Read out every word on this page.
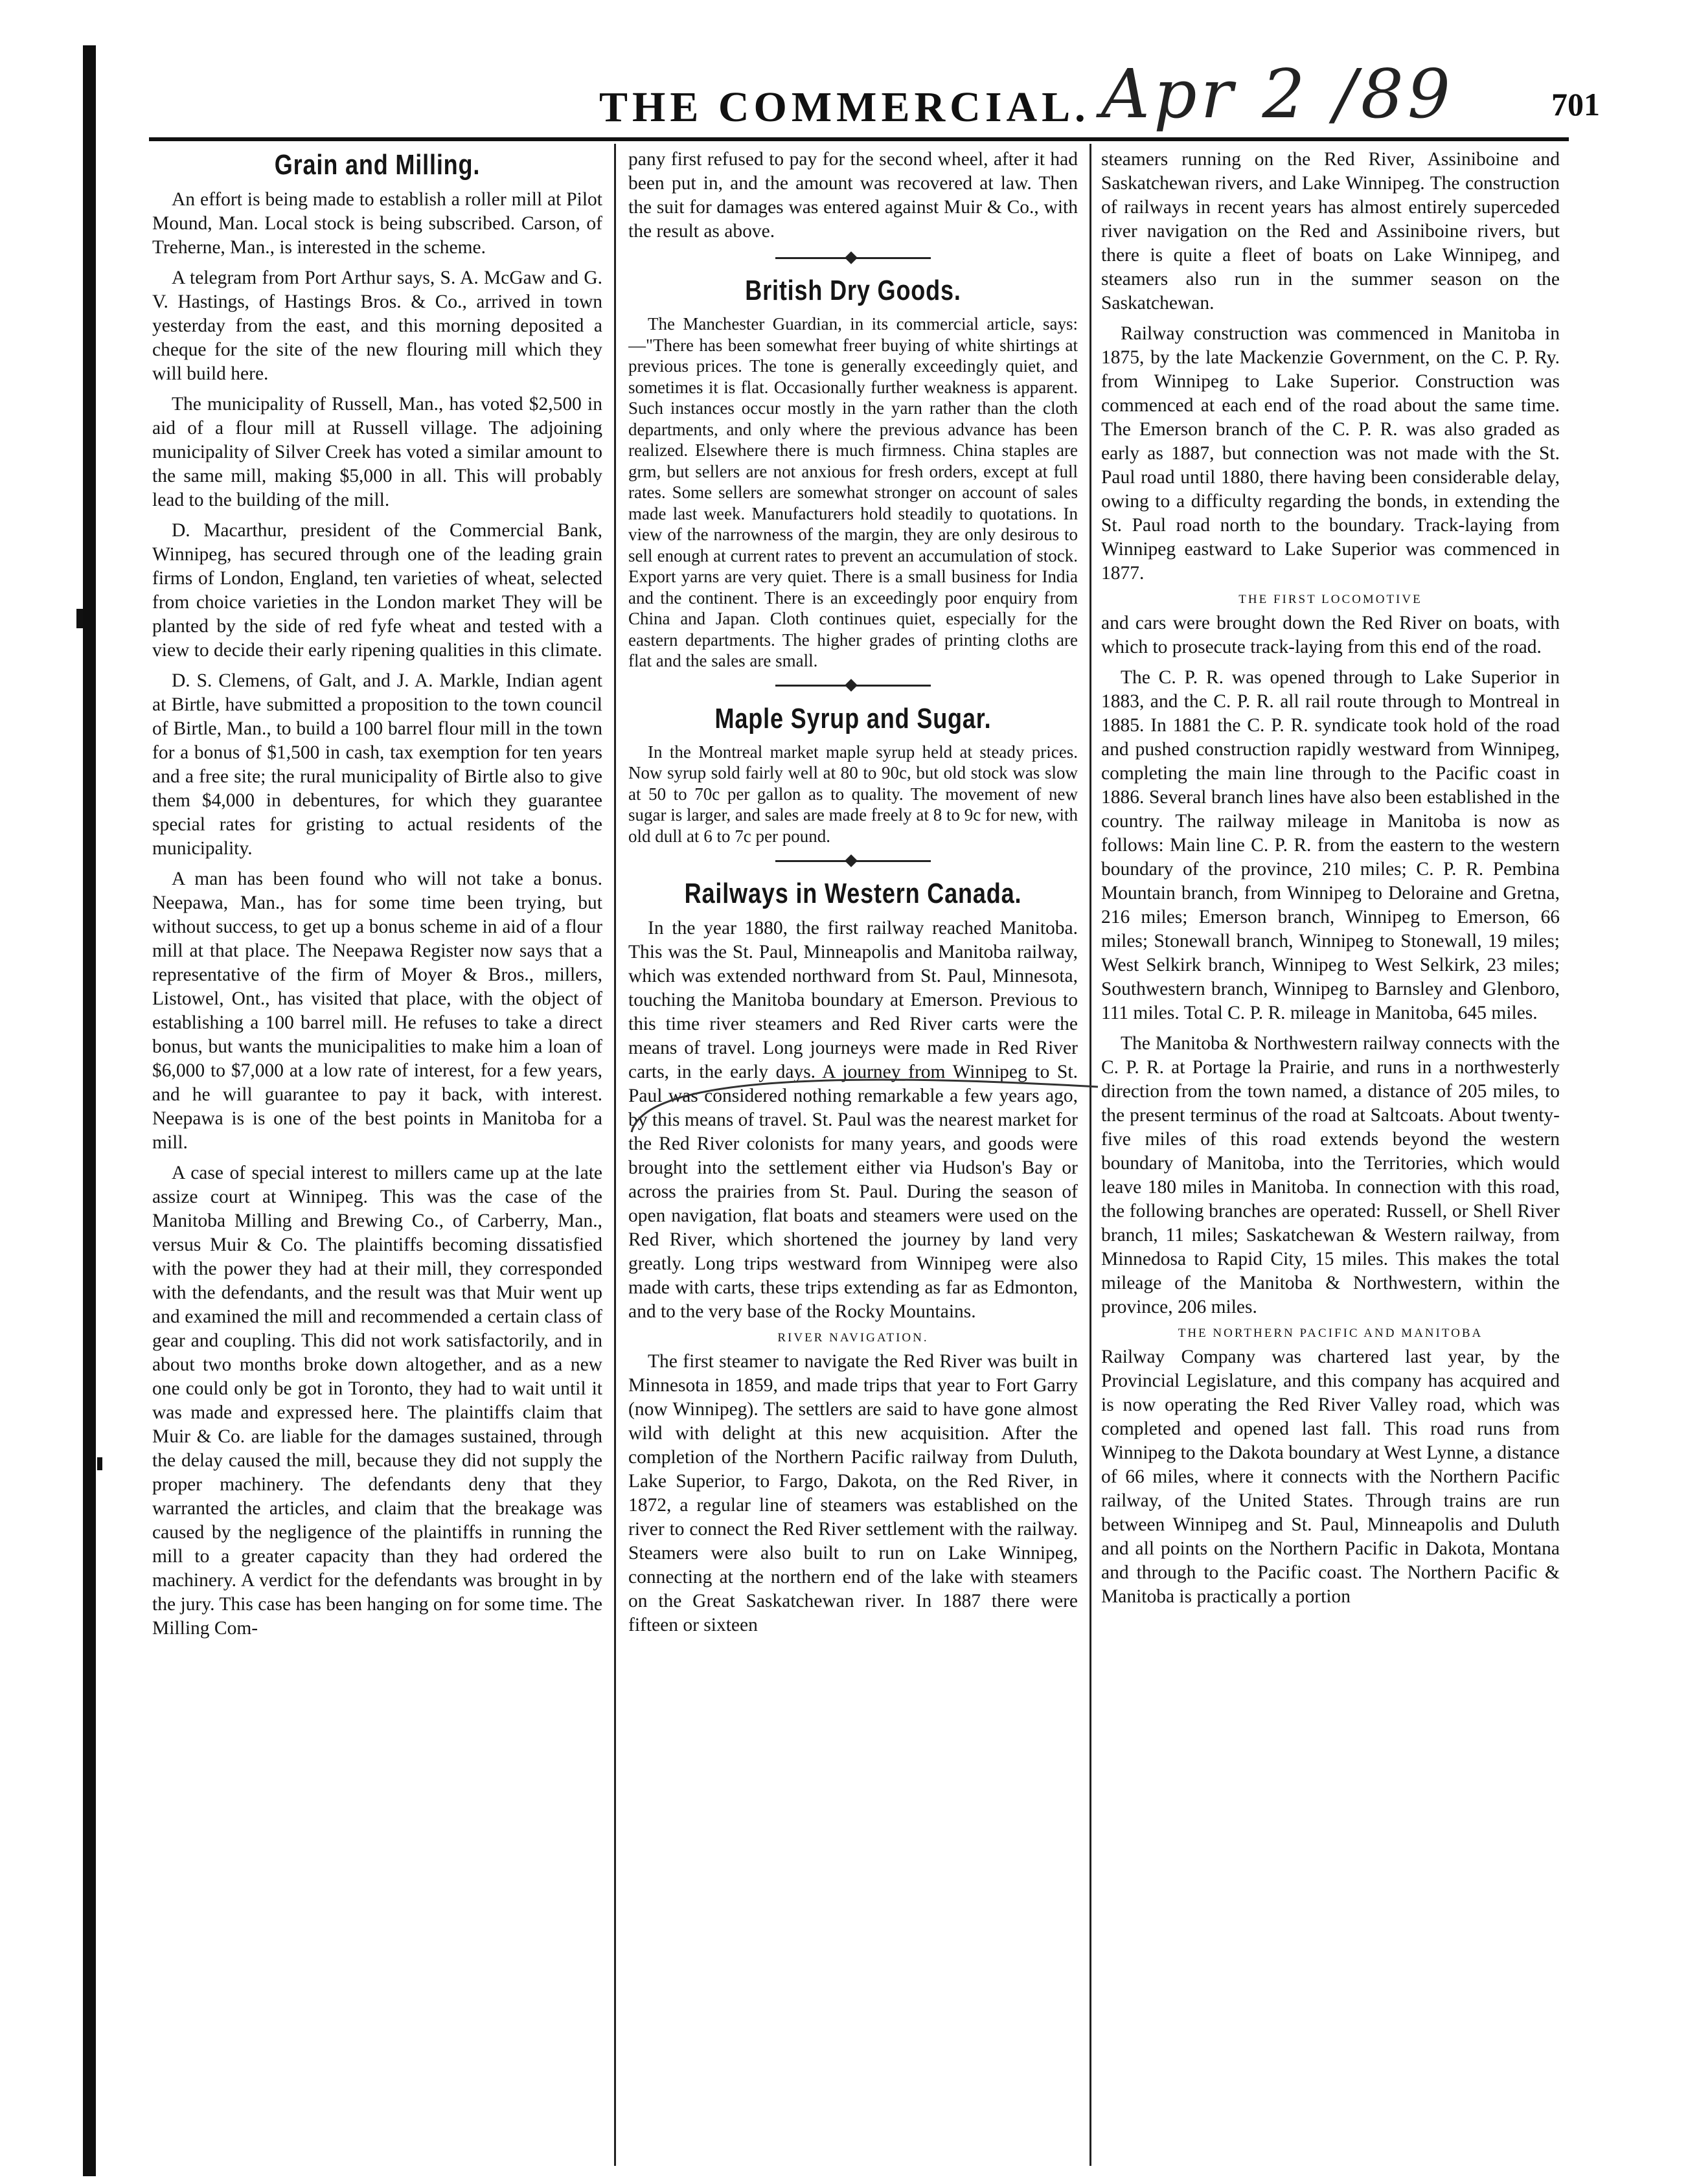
THE COMMERCIAL. Apr 2 /89	701
Grain and Milling.

An effort is being made to establish a roller mill at Pilot Mound, Man. Local stock is being subscribed. Carson, of Treherne, Man., is interested in the scheme.

A telegram from Port Arthur says, S. A. McGaw and G. V. Hastings, of Hastings Bros. & Co., arrived in town yesterday from the east, and this morning deposited a cheque for the site of the new flouring mill which they will build here.

The municipality of Russell, Man., has voted $2,500 in aid of a flour mill at Russell village. The adjoining municipality of Silver Creek has voted a similar amount to the same mill, making $5,000 in all. This will probably lead to the building of the mill.

D. Macarthur, president of the Commercial Bank, Winnipeg, has secured through one of the leading grain firms of London, England, ten varieties of wheat, selected from choice varieties in the London market They will be planted by the side of red fyfe wheat and tested with a view to decide their early ripening qualities in this climate.

D. S. Clemens, of Galt, and J. A. Markle, Indian agent at Birtle, have submitted a proposition to the town council of Birtle, Man., to build a 100 barrel flour mill in the town for a bonus of $1,500 in cash, tax exemption for ten years and a free site; the rural municipality of Birtle also to give them $4,000 in debentures, for which they guarantee special rates for gristing to actual residents of the municipality.

A man has been found who will not take a bonus. Neepawa, Man., has for some time been trying, but without success, to get up a bonus scheme in aid of a flour mill at that place. The Neepawa Register now says that a representative of the firm of Moyer & Bros., millers, Listowel, Ont., has visited that place, with the object of establishing a 100 barrel mill. He refuses to take a direct bonus, but wants the municipalities to make him a loan of $6,000 to $7,000 at a low rate of interest, for a few years, and he will guarantee to pay it back, with interest. Neepawa is is one of the best points in Manitoba for a mill.

A case of special interest to millers came up at the late assize court at Winnipeg. This was the case of the Manitoba Milling and Brewing Co., of Carberry, Man., versus Muir & Co. The plaintiffs becoming dissatisfied with the power they had at their mill, they corresponded with the defendants, and the result was that Muir went up and examined the mill and recommended a certain class of gear and coupling. This did not work satisfactorily, and in about two months broke down altogether, and as a new one could only be got in Toronto, they had to wait until it was made and expressed here. The plaintiffs claim that Muir & Co. are liable for the damages sustained, through the delay caused the mill, because they did not supply the proper machinery. The defendants deny that they warranted the articles, and claim that the breakage was caused by the negligence of the plaintiffs in running the mill to a greater capacity than they had ordered the machinery. A verdict for the defendants was brought in by the jury. This case has been hanging on for some time. The Milling Com-

pany first refused to pay for the second wheel, after it had been put in, and the amount was recovered at law. Then the suit for damages was entered against Muir & Co., with the result as above.

British Dry Goods.

The Manchester Guardian, in its commercial article, says:—"There has been somewhat freer buying of white shirtings at previous prices. The tone is generally exceedingly quiet, and sometimes it is flat. Occasionally further weakness is apparent. Such instances occur mostly in the yarn rather than the cloth departments, and only where the previous advance has been realized. Elsewhere there is much firmness. China staples are grm, but sellers are not anxious for fresh orders, except at full rates. Some sellers are somewhat stronger on account of sales made last week. Manufacturers hold steadily to quotations. In view of the narrowness of the margin, they are only desirous to sell enough at current rates to prevent an accumulation of stock. Export yarns are very quiet. There is a small business for India and the continent. There is an exceedingly poor enquiry from China and Japan. Cloth continues quiet, especially for the eastern departments. The higher grades of printing cloths are flat and the sales are small.

Maple Syrup and Sugar.

In the Montreal market maple syrup held at steady prices. Now syrup sold fairly well at 80 to 90c, but old stock was slow at 50 to 70c per gallon as to quality. The movement of new sugar is larger, and sales are made freely at 8 to 9c for new, with old dull at 6 to 7c per pound.

Railways in Western Canada.

In the year 1880, the first railway reached Manitoba. This was the St. Paul, Minneapolis and Manitoba railway, which was extended northward from St. Paul, Minnesota, touching the Manitoba boundary at Emerson. Previous to this time river steamers and Red River carts were the means of travel. Long journeys were made in Red River carts, in the early days. A journey from Winnipeg to St. Paul was considered nothing remarkable a few years ago, by this means of travel. St. Paul was the nearest market for the Red River colonists for many years, and goods were brought into the settlement either via Hudson's Bay or across the prairies from St. Paul. During the season of open navigation, flat boats and steamers were used on the Red River, which shortened the journey by land very greatly. Long trips westward from Winnipeg were also made with carts, these trips extending as far as Edmonton, and to the very base of the Rocky Mountains.

RIVER NAVIGATION.

The first steamer to navigate the Red River was built in Minnesota in 1859, and made trips that year to Fort Garry (now Winnipeg). The settlers are said to have gone almost wild with delight at this new acquisition. After the completion of the Northern Pacific railway from Duluth, Lake Superior, to Fargo, Dakota, on the Red River, in 1872, a regular line of steamers was established on the river to connect the Red River settlement with the railway. Steamers were also built to run on Lake Winnipeg, connecting at the northern end of the lake with steamers on the Great Saskatchewan river. In 1887 there were fifteen or sixteen

steamers running on the Red River, Assiniboine and Saskatchewan rivers, and Lake Winnipeg. The construction of railways in recent years has almost entirely superceded river navigation on the Red and Assiniboine rivers, but there is quite a fleet of boats on Lake Winnipeg, and steamers also run in the summer season on the Saskatchewan.

Railway construction was commenced in Manitoba in 1875, by the late Mackenzie Government, on the C. P. Ry. from Winnipeg to Lake Superior. Construction was commenced at each end of the road about the same time. The Emerson branch of the C. P. R. was also graded as early as 1887, but connection was not made with the St. Paul road until 1880, there having been considerable delay, owing to a difficulty regarding the bonds, in extending the St. Paul road north to the boundary. Track-laying from Winnipeg eastward to Lake Superior was commenced in 1877.

THE FIRST LOCOMOTIVE

and cars were brought down the Red River on boats, with which to prosecute track-laying from this end of the road.

The C. P. R. was opened through to Lake Superior in 1883, and the C. P. R. all rail route through to Montreal in 1885. In 1881 the C. P. R. syndicate took hold of the road and pushed construction rapidly westward from Winnipeg, completing the main line through to the Pacific coast in 1886. Several branch lines have also been established in the country. The railway mileage in Manitoba is now as follows: Main line C. P. R. from the eastern to the western boundary of the province, 210 miles; C. P. R. Pembina Mountain branch, from Winnipeg to Deloraine and Gretna, 216 miles; Emerson branch, Winnipeg to Emerson, 66 miles; Stonewall branch, Winnipeg to Stonewall, 19 miles; West Selkirk branch, Winnipeg to West Selkirk, 23 miles; Southwestern branch, Winnipeg to Barnsley and Glenboro, 111 miles. Total C. P. R. mileage in Manitoba, 645 miles.

The Manitoba & Northwestern railway connects with the C. P. R. at Portage la Prairie, and runs in a northwesterly direction from the town named, a distance of 205 miles, to the present terminus of the road at Saltcoats. About twenty-five miles of this road extends beyond the western boundary of Manitoba, into the Territories, which would leave 180 miles in Manitoba. In connection with this road, the following branches are operated: Russell, or Shell River branch, 11 miles; Saskatchewan & Western railway, from Minnedosa to Rapid City, 15 miles. This makes the total mileage of the Manitoba & Northwestern, within the province, 206 miles.

THE NORTHERN PACIFIC AND MANITOBA

Railway Company was chartered last year, by the Provincial Legislature, and this company has acquired and is now operating the Red River Valley road, which was completed and opened last fall. This road runs from Winnipeg to the Dakota boundary at West Lynne, a distance of 66 miles, where it connects with the Northern Pacific railway, of the United States. Through trains are run between Winnipeg and St. Paul, Minneapolis and Duluth and all points on the Northern Pacific in Dakota, Montana and through to the Pacific coast. The Northern Pacific & Manitoba is practically a portion
